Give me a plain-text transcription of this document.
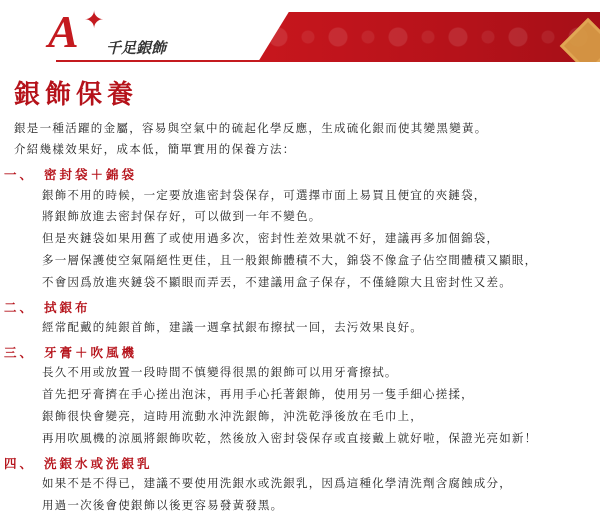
A ✦
千足銀飾
銀飾保養
銀是一種活躍的金屬，容易與空氣中的硫起化學反應，生成硫化銀而使其變黑變黃。
介紹幾樣效果好，成本低，簡單實用的保養方法：
一、 密封袋＋錦袋
銀飾不用的時候，一定要放進密封袋保存，可選擇市面上易買且便宜的夾鏈袋，
將銀飾放進去密封保存好，可以做到一年不變色。
但是夾鏈袋如果用舊了或使用過多次，密封性差效果就不好，建議再多加個錦袋，
多一層保護使空氣隔絕性更佳，且一般銀飾體積不大，錦袋不像盒子佔空間體積又顯眼，
不會因爲放進夾鏈袋不顯眼而弄丟，不建議用盒子保存，不僅縫隙大且密封性又差。
二、 拭銀布
經常配戴的純銀首飾，建議一週拿拭銀布擦拭一回，去污效果良好。
三、 牙膏＋吹風機
長久不用或放置一段時間不慎變得很黑的銀飾可以用牙膏擦拭。
首先把牙膏擠在手心搓出泡沫，再用手心托著銀飾，使用另一隻手細心搓揉，
銀飾很快會變亮，這時用流動水沖洗銀飾，沖洗乾淨後放在毛巾上，
再用吹風機的涼風將銀飾吹乾，然後放入密封袋保存或直接戴上就好啦，保證光亮如新！
四、 洗銀水或洗銀乳
如果不是不得已，建議不要使用洗銀水或洗銀乳，因爲這種化學清洗劑含腐蝕成分，
用過一次後會使銀飾以後更容易發黃發黑。
